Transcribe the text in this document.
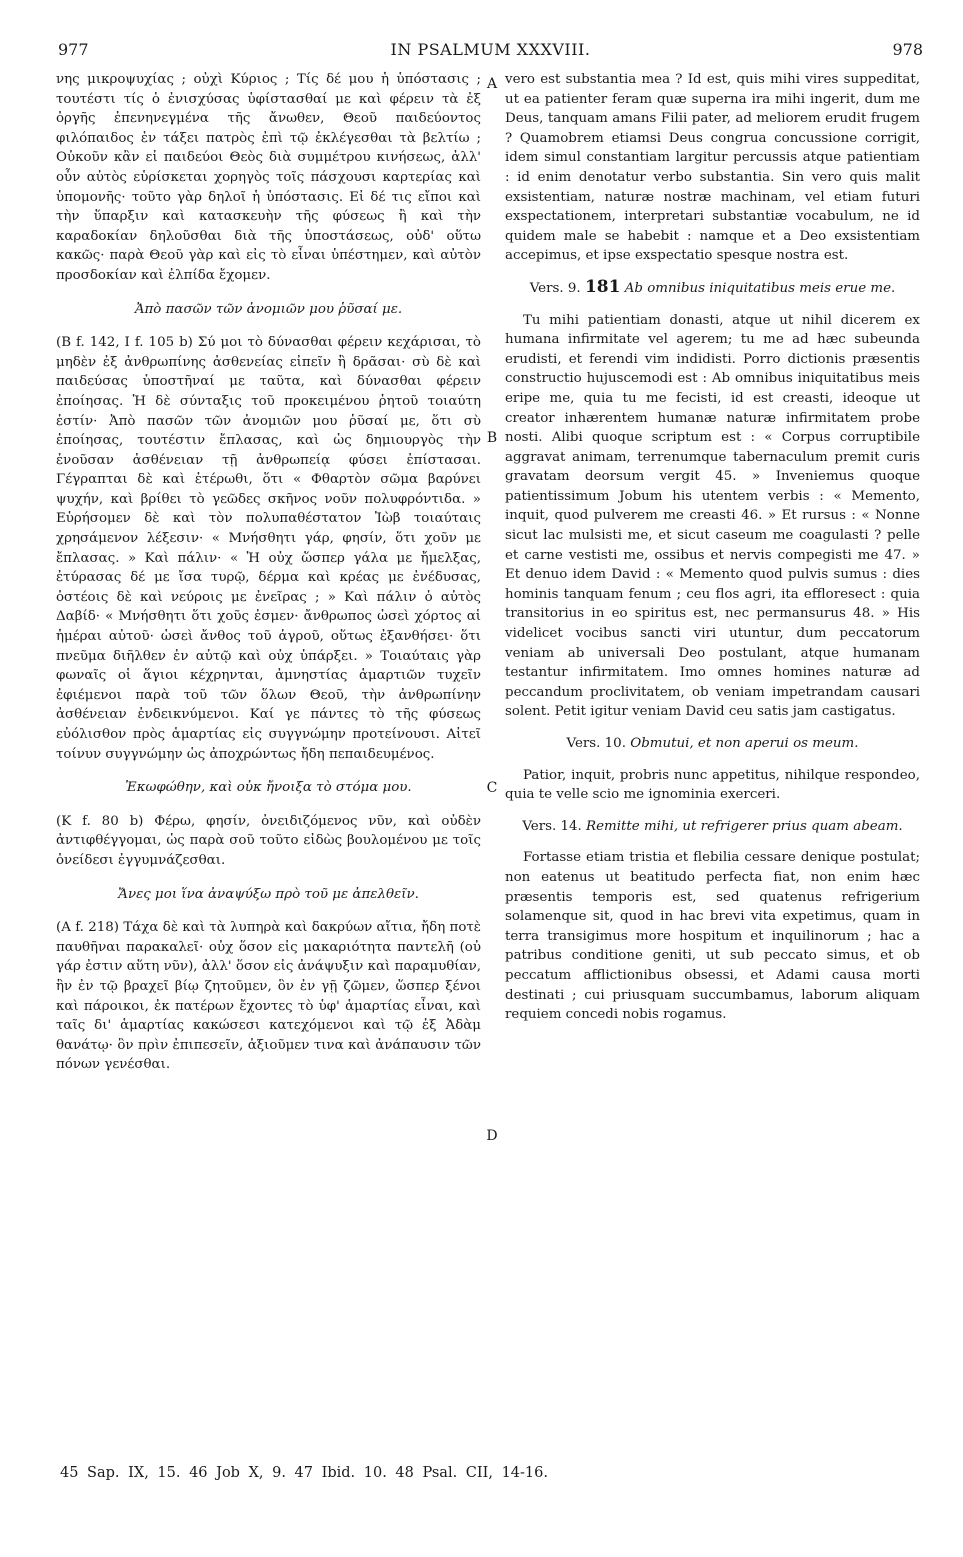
977	IN PSALMUM XXXVIII.	978
A
B
C
D

νης μικροψυχίας ; οὐχὶ Κύριος ; Τίς δέ μου ἡ ὑπόστασις ; τουτέστι τίς ὁ ἐνισχύσας ὑφίστασθαί με καὶ φέρειν τὰ ἐξ ὀργῆς ἐπενηνεγμένα τῆς ἄνωθεν, Θεοῦ παιδεύοντος φιλόπαιδος ἐν τάξει πατρὸς ἐπὶ τῷ ἐκλέγεσθαι τὰ βελτίω ; Οὐκοῦν κἂν εἰ παιδεύοι Θεὸς διὰ συμμέτρου κινήσεως, ἀλλ' οὖν αὐτὸς εὑρίσκεται χορηγὸς τοῖς πάσχουσι καρτερίας καὶ ὑπομονῆς· τοῦτο γὰρ δηλοῖ ἡ ὑπόστασις. Εἰ δέ τις εἴποι καὶ τὴν ὕπαρξιν καὶ κατασκευὴν τῆς φύσεως ἢ καὶ τὴν καραδοκίαν δηλοῦσθαι διὰ τῆς ὑποστάσεως, οὐδ' οὕτω κακῶς· παρὰ Θεοῦ γὰρ καὶ εἰς τὸ εἶναι ὑπέστημεν, καὶ αὐτὸν προσδοκίαν καὶ ἐλπίδα ἔχομεν.

Ἀπὸ πασῶν τῶν ἀνομιῶν μου ῥῦσαί με.

(B f. 142, I f. 105 b) Σύ μοι τὸ δύνασθαι φέρειν κεχάρισαι, τὸ μηδὲν ἐξ ἀνθρωπίνης ἀσθενείας εἰπεῖν ἢ δρᾶσαι· σὺ δὲ καὶ παιδεύσας ὑποστῆναί με ταῦτα, καὶ δύνασθαι φέρειν ἐποίησας. Ἡ δὲ σύνταξις τοῦ προκειμένου ῥητοῦ τοιαύτη ἐστίν· Ἀπὸ πασῶν τῶν ἀνομιῶν μου ῥῦσαί με, ὅτι σὺ ἐποίησας, τουτέστιν ἔπλασας, καὶ ὡς δημιουργὸς τὴν ἐνοῦσαν ἀσθένειαν τῇ ἀνθρωπείᾳ φύσει ἐπίστασαι. Γέγραπται δὲ καὶ ἑτέρωθι, ὅτι « Φθαρτὸν σῶμα βαρύνει ψυχήν, καὶ βρίθει τὸ γεῶδες σκῆνος νοῦν πολυφρόντιδα. » Εὑρήσομεν δὲ καὶ τὸν πολυπαθέστατον Ἰὼβ τοιαύταις χρησάμενον λέξεσιν· « Μνήσθητι γάρ, φησίν, ὅτι χοῦν με ἔπλασας. » Καὶ πάλιν· « Ἡ οὐχ ὥσπερ γάλα με ἤμελξας, ἐτύρασας δέ με ἴσα τυρῷ, δέρμα καὶ κρέας με ἐνέδυσας, ὀστέοις δὲ καὶ νεύροις με ἐνεῖρας ; » Καὶ πάλιν ὁ αὐτὸς Δαβίδ· « Μνήσθητι ὅτι χοῦς ἐσμεν· ἄνθρωπος ὡσεὶ χόρτος αἱ ἡμέραι αὐτοῦ· ὡσεὶ ἄνθος τοῦ ἀγροῦ, οὕτως ἐξανθήσει· ὅτι πνεῦμα διῆλθεν ἐν αὐτῷ καὶ οὐχ ὑπάρξει. » Τοιαύταις γὰρ φωναῖς οἱ ἅγιοι κέχρηνται, ἀμνηστίας ἁμαρτιῶν τυχεῖν ἐφιέμενοι παρὰ τοῦ τῶν ὅλων Θεοῦ, τὴν ἀνθρωπίνην ἀσθένειαν ἐνδεικνύμενοι. Καί γε πάντες τὸ τῆς φύσεως εὐόλισθον πρὸς ἁμαρτίας εἰς συγγνώμην προτείνουσι. Αἰτεῖ τοίνυν συγγνώμην ὡς ἀποχρώντως ἤδη πεπαιδευμένος.

Ἐκωφώθην, καὶ οὐκ ἤνοιξα τὸ στόμα μου.

(K f. 80 b) Φέρω, φησίν, ὀνειδιζόμενος νῦν, καὶ οὐδὲν ἀντιφθέγγομαι, ὡς παρὰ σοῦ τοῦτο εἰδὼς βουλομένου με τοῖς ὀνείδεσι ἐγγυμνάζεσθαι.

Ἄνες μοι ἵνα ἀναψύξω πρὸ τοῦ με ἀπελθεῖν.

(A f. 218) Τάχα δὲ καὶ τὰ λυπηρὰ καὶ δακρύων αἴτια, ἤδη ποτὲ παυθῆναι παρακαλεῖ· οὐχ ὅσον εἰς μακαριότητα παντελῆ (οὐ γάρ ἐστιν αὕτη νῦν), ἀλλ' ὅσον εἰς ἀνάψυξιν καὶ παραμυθίαν, ἣν ἐν τῷ βραχεῖ βίῳ ζητοῦμεν, ὃν ἐν γῇ ζῶμεν, ὥσπερ ξένοι καὶ πάροικοι, ἐκ πατέρων ἔχοντες τὸ ὑφ' ἁμαρτίας εἶναι, καὶ ταῖς δι' ἁμαρτίας κακώσεσι κατεχόμενοι καὶ τῷ ἐξ Ἀδὰμ θανάτῳ· ὃν πρὶν ἐπιπεσεῖν, ἀξιοῦμεν τινα καὶ ἀνάπαυσιν τῶν πόνων γενέσθαι.

vero est substantia mea ? Id est, quis mihi vires suppeditat, ut ea patienter feram quæ superna ira mihi ingerit, dum me Deus, tanquam amans Filii pater, ad meliorem erudit frugem ? Quamobrem etiamsi Deus congrua concussione corrigit, idem simul constantiam largitur percussis atque patientiam : id enim denotatur verbo substantia. Sin vero quis malit exsistentiam, naturæ nostræ machinam, vel etiam futuri exspectationem, interpretari substantiæ vocabulum, ne id quidem male se habebit : namque et a Deo exsistentiam accepimus, et ipse exspectatio spesque nostra est.

Vers. 9. 181 Ab omnibus iniquitatibus meis erue me.

Tu mihi patientiam donasti, atque ut nihil dicerem ex humana infirmitate vel agerem; tu me ad hæc subeunda erudisti, et ferendi vim indidisti. Porro dictionis præsentis constructio hujuscemodi est : Ab omnibus iniquitatibus meis eripe me, quia tu me fecisti, id est creasti, ideoque ut creator inhærentem humanæ naturæ infirmitatem probe nosti. Alibi quoque scriptum est : « Corpus corruptibile aggravat animam, terrenumque tabernaculum premit curis gravatam deorsum vergit 45. » Inveniemus quoque patientissimum Jobum his utentem verbis : « Memento, inquit, quod pulverem me creasti 46. » Et rursus : « Nonne sicut lac mulsisti me, et sicut caseum me coagulasti ? pelle et carne vestisti me, ossibus et nervis compegisti me 47. » Et denuo idem David : « Memento quod pulvis sumus : dies hominis tanquam fenum ; ceu flos agri, ita effloresect : quia transitorius in eo spiritus est, nec permansurus 48. » His videlicet vocibus sancti viri utuntur, dum peccatorum veniam ab universali Deo postulant, atque humanam testantur infirmitatem. Imo omnes homines naturæ ad peccandum proclivitatem, ob veniam impetrandam causari solent. Petit igitur veniam David ceu satis jam castigatus.

Vers. 10. Obmutui, et non aperui os meum.

Patior, inquit, probris nunc appetitus, nihilque respondeo, quia te velle scio me ignominia exerceri.

Vers. 14. Remitte mihi, ut refrigerer prius quam abeam.

Fortasse etiam tristia et flebilia cessare denique postulat; non eatenus ut beatitudo perfecta fiat, non enim hæc præsentis temporis est, sed quatenus refrigerium solamenque sit, quod in hac brevi vita expetimus, quam in terra transigimus more hospitum et inquilinorum ; hac a patribus conditione geniti, ut sub peccato simus, et ob peccatum afflictionibus obsessi, et Adami causa morti destinati ; cui priusquam succumbamus, laborum aliquam requiem concedi nobis rogamus.

45 Sap. IX, 15. 46 Job X, 9. 47 Ibid. 10. 48 Psal. CII, 14-16.
